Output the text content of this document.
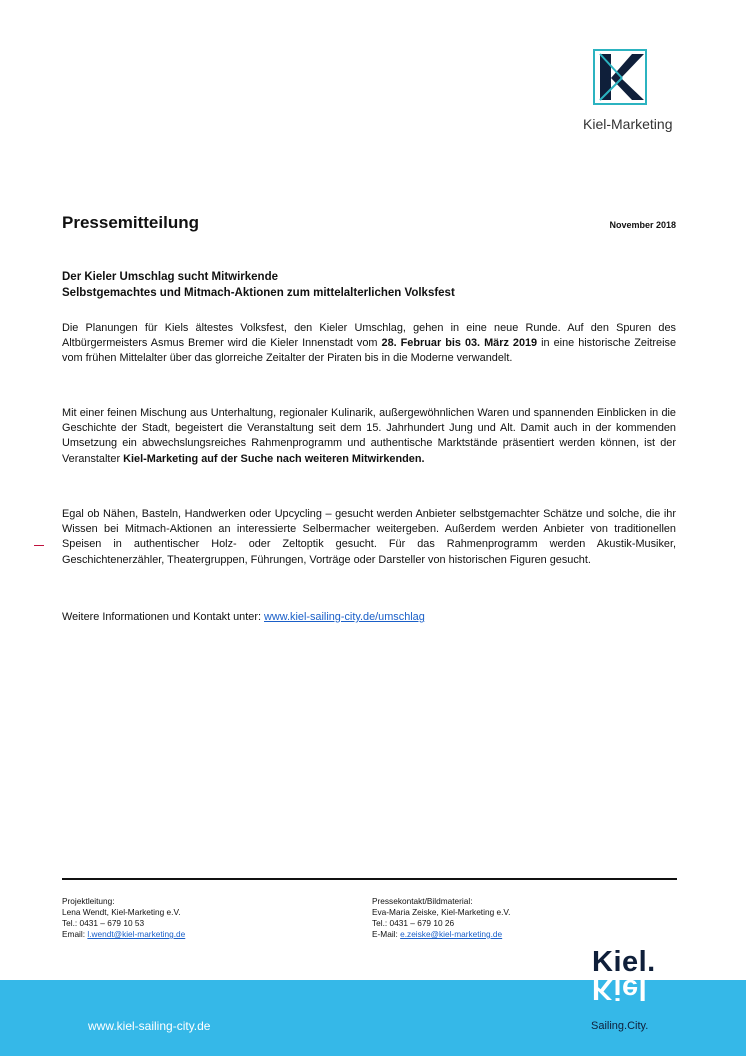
Kiel-Marketing
Pressemitteilung	November 2018
Der Kieler Umschlag sucht Mitwirkende
Selbstgemachtes und Mitmach-Aktionen zum mittelalterlichen Volksfest
Die Planungen für Kiels ältestes Volksfest, den Kieler Umschlag, gehen in eine neue Runde. Auf den Spuren des Altbürgermeisters Asmus Bremer wird die Kieler Innenstadt vom 28. Februar bis 03. März 2019 in eine historische Zeitreise vom frühen Mittelalter über das glorreiche Zeitalter der Piraten bis in die Moderne verwandelt.
Mit einer feinen Mischung aus Unterhaltung, regionaler Kulinarik, außergewöhnlichen Waren und spannenden Einblicken in die Geschichte der Stadt, begeistert die Veranstaltung seit dem 15. Jahrhundert Jung und Alt. Damit auch in der kommenden Umsetzung ein abwechslungsreiches Rahmenprogramm und authentische Marktstände präsentiert werden können, ist der Veranstalter Kiel-Marketing auf der Suche nach weiteren Mitwirkenden.
Egal ob Nähen, Basteln, Handwerken oder Upcycling – gesucht werden Anbieter selbstgemachter Schätze und solche, die ihr Wissen bei Mitmach-Aktionen an interessierte Selbermacher weitergeben. Außerdem werden Anbieter von traditionellen Speisen in authentischer Holz- oder Zeltoptik gesucht. Für das Rahmenprogramm werden Akustik-Musiker, Geschichtenerzähler, Theatergruppen, Führungen, Vorträge oder Darsteller von historischen Figuren gesucht.
Weitere Informationen und Kontakt unter: www.kiel-sailing-city.de/umschlag
Projektleitung:
Lena Wendt, Kiel-Marketing e.V.
Tel.: 0431 – 679 10 53
Email: l.wendt@kiel-marketing.de
Pressekontakt/Bildmaterial:
Eva-Maria Zeiske, Kiel-Marketing e.V.
Tel.: 0431 – 679 10 26
E-Mail: e.zeiske@kiel-marketing.de
www.kiel-sailing-city.de
Kiel.
Kiel
Sailing.City.
